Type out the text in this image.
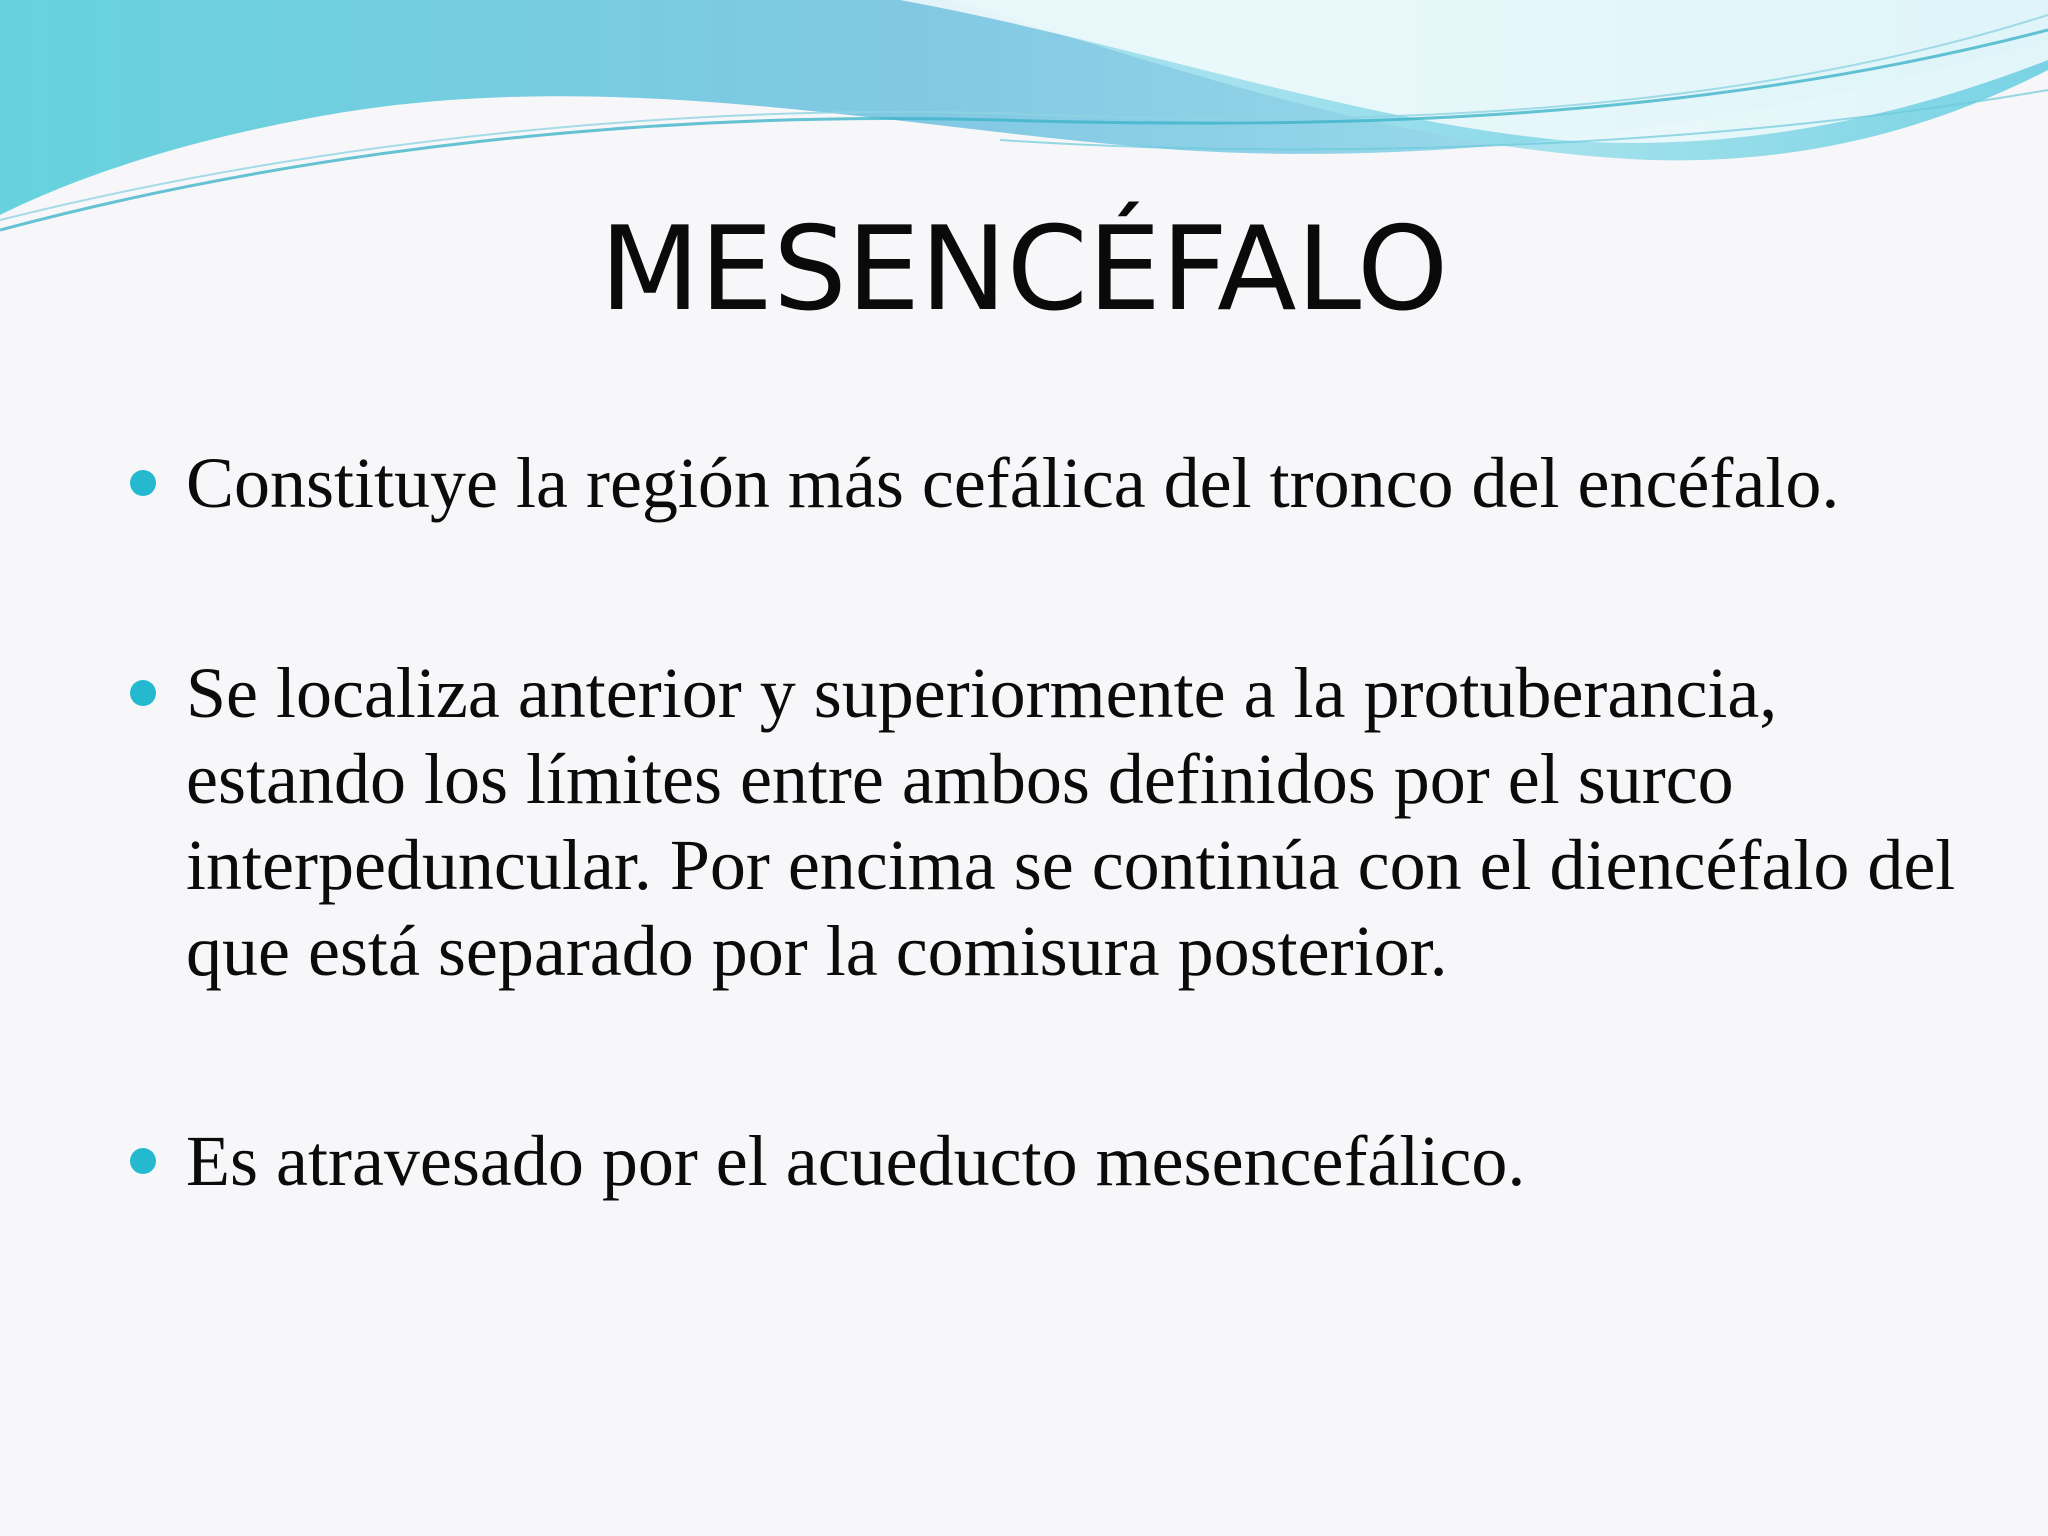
MESENCÉFALO
Constituye la región más cefálica del tronco del encéfalo.
Se localiza anterior y superiormente a la protuberancia, estando los límites entre ambos definidos por el surco interpeduncular. Por encima se continúa con el diencéfalo del que está separado por la comisura posterior.
Es atravesado por el acueducto mesencefálico.
